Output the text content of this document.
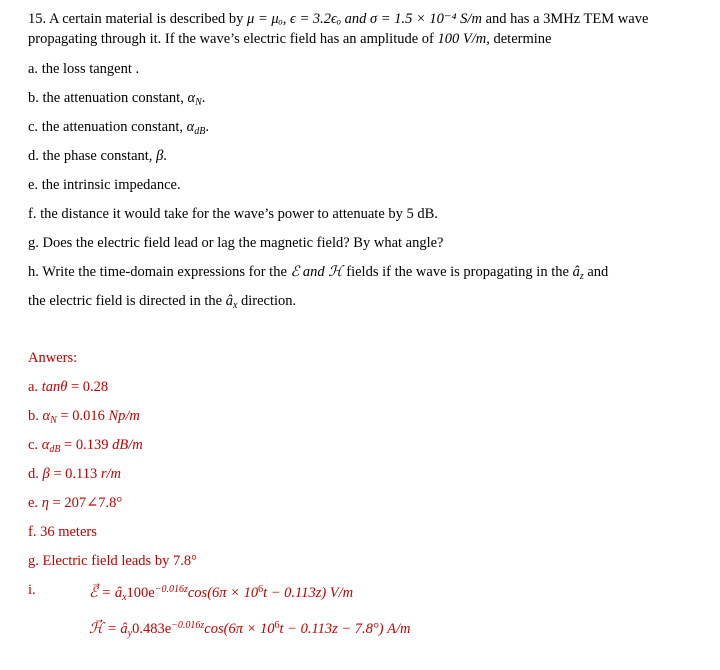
15. A certain material is described by μ = μₒ, ϵ = 3.2ϵₒ and σ = 1.5 × 10⁻⁴ S/m and has a 3MHz TEM wave
propagating through it. If the wave’s electric field has an amplitude of 100 V/m, determine
a. the loss tangent .
b. the attenuation constant, $\alpha_N$.
c. the attenuation constant, $\alpha_{dB}$.
d. the phase constant, β.
e. the intrinsic impedance.
f. the distance it would take for the wave’s power to attenuate by 5 dB.
g. Does the electric field lead or lag the magnetic field? By what angle?
h. Write the time-domain expressions for the ℰ and ℋ fields if the wave is propagating in the $â_z$ and
the electric field is directed in the $â_x$ direction.
Anwers:
a. tanθ = 0.28
b. $\alpha_N = 0.016$ Np/m
c. $\alpha_{dB} = 0.139$ dB/m
d. β = 0.113 r/m
e. η = 207∠7.8°
f. 36 meters
g. Electric field leads by 7.8°
i.	ℰ⃗ = $â_x100e^{-0.016z}\cos(6\pi \times 10^6t - 0.113z)$ V/m
ℋ⃗ = $â_y0.483e^{-0.016z}\cos(6\pi \times 10^6t - 0.113z - 7.8^\circ)$ A/m
